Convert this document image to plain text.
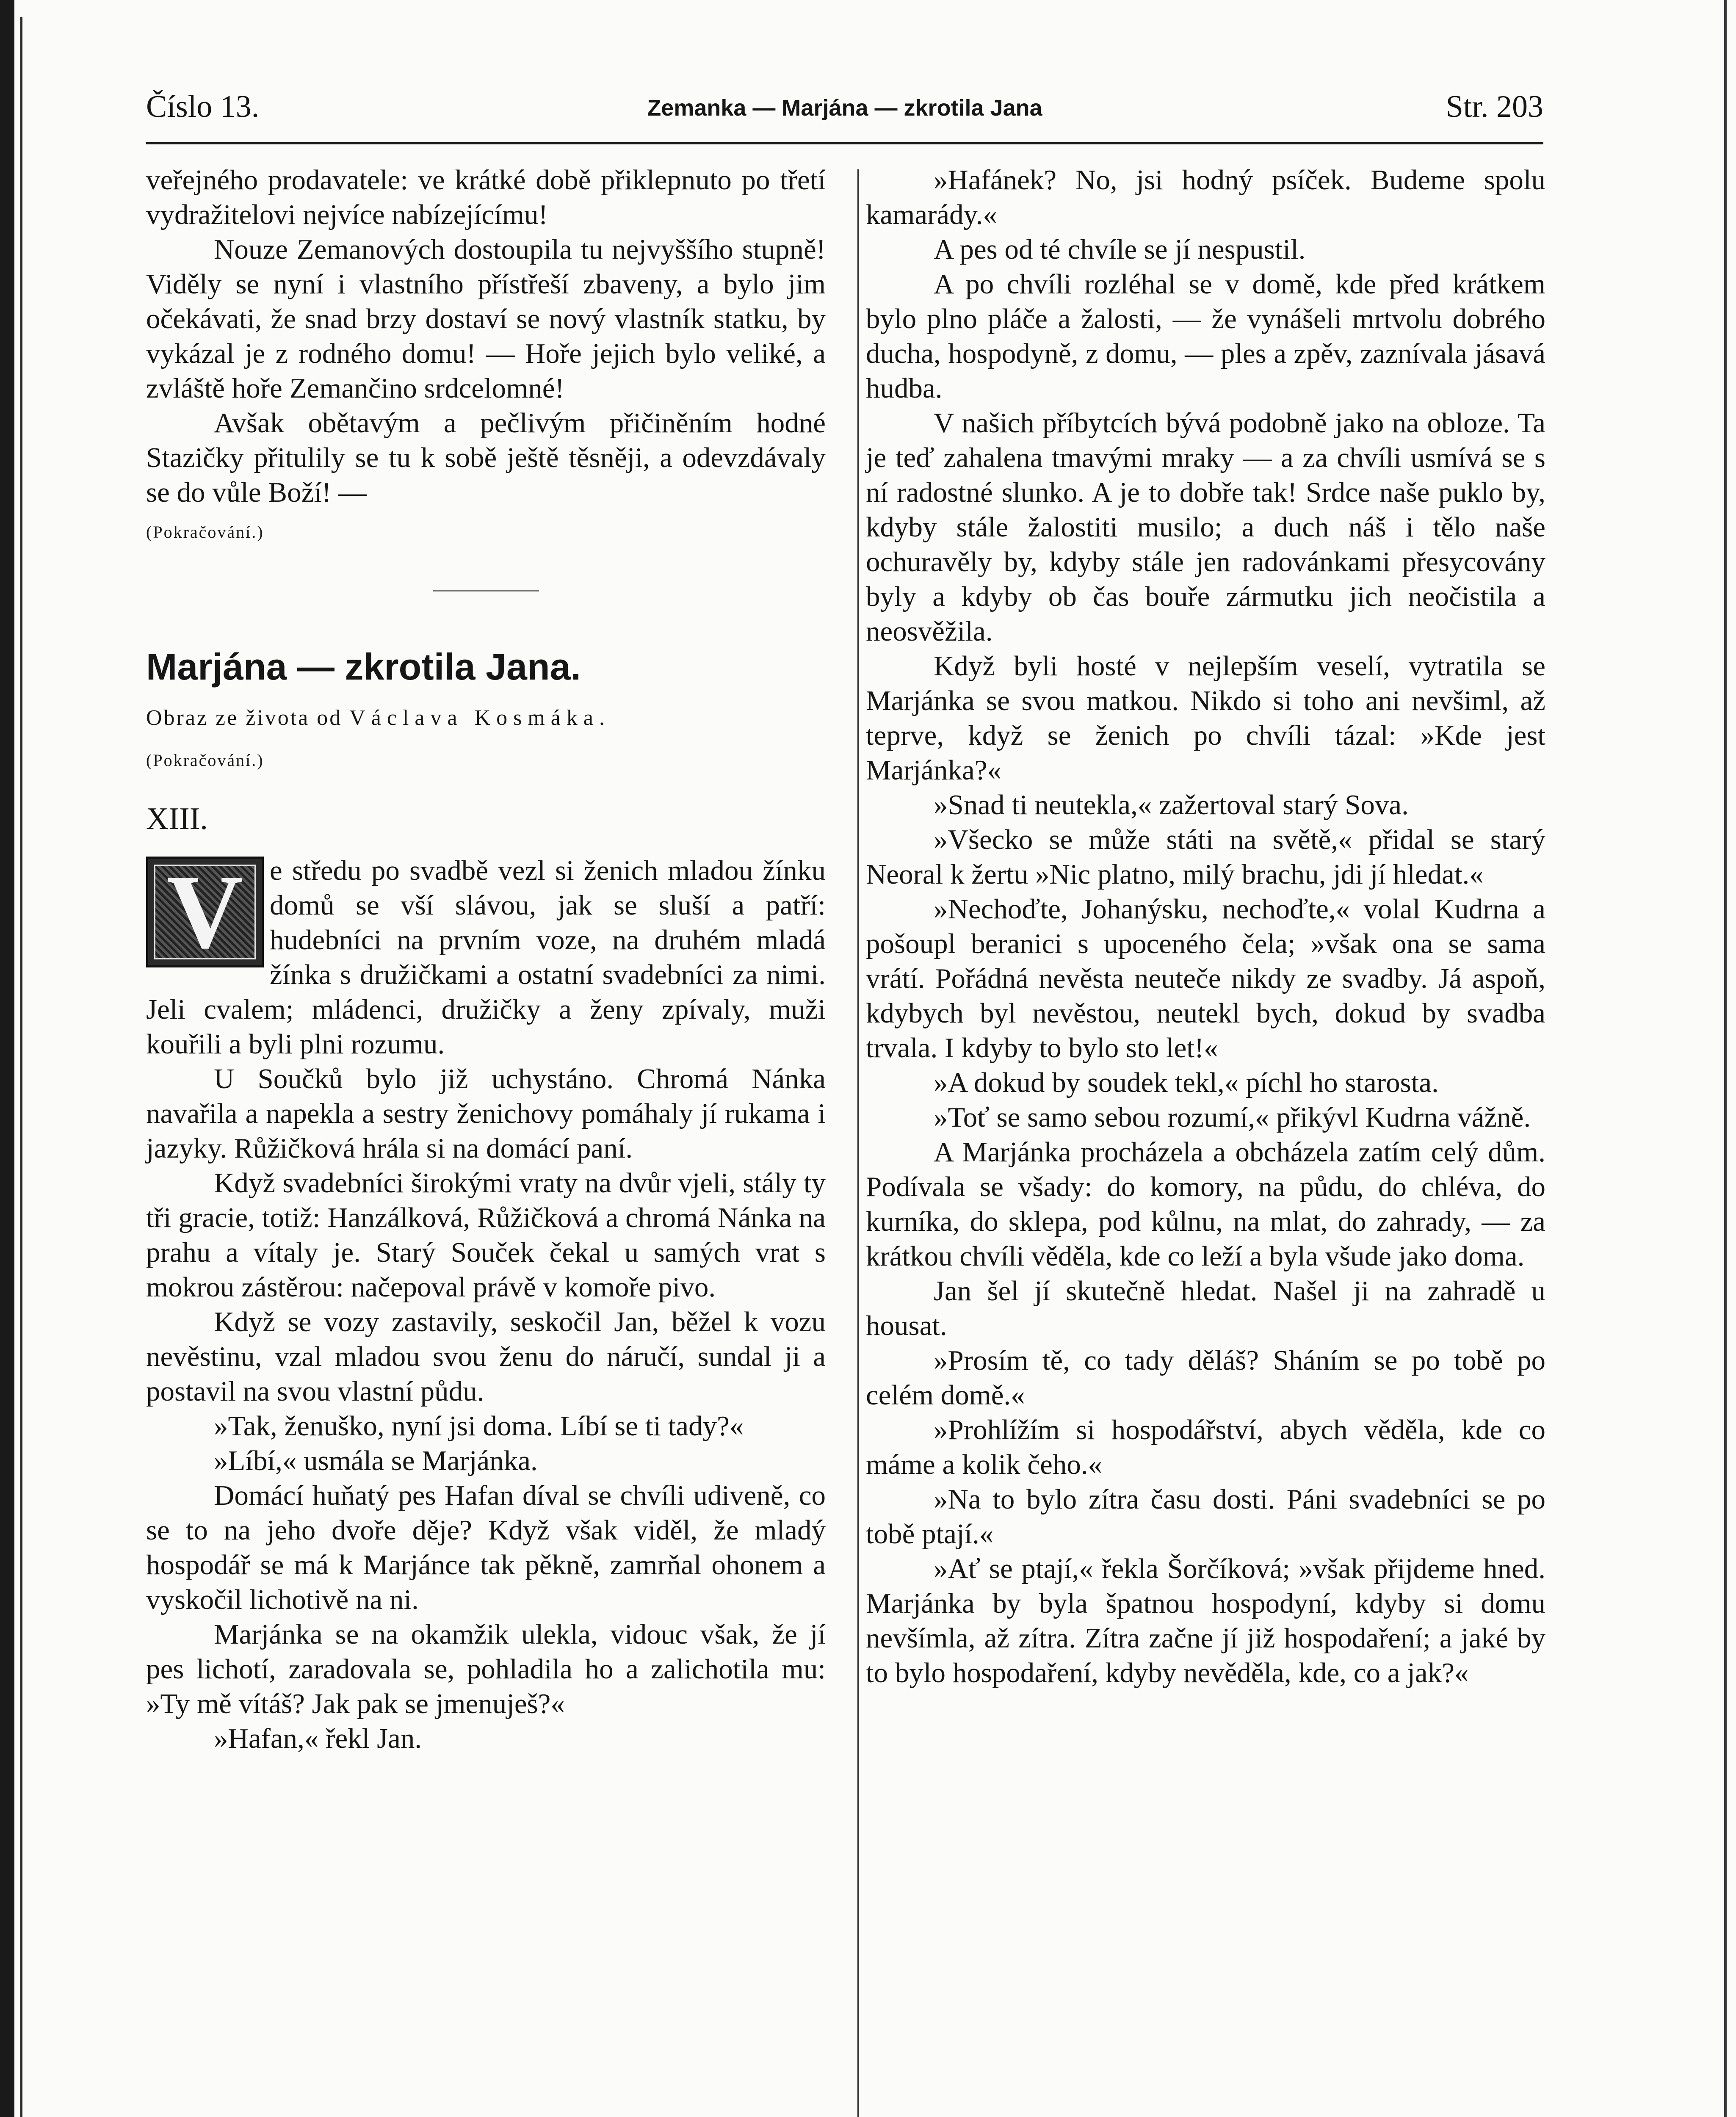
Číslo 13.	Zemanka — Marjána — zkrotila Jana	Str. 203

veřejného prodavatele: ve krátké době přiklepnuto po třetí vydražitelovi nejvíce nabízejícímu!

Nouze Zemanových dostoupila tu nejvyššího stupně! Viděly se nyní i vlastního přístřeší zbaveny, a bylo jim očekávati, že snad brzy dostaví se nový vlastník statku, by vykázal je z rodného domu! — Hoře jejich bylo veliké, a zvláště hoře Zemančino srdcelomné!

Avšak obětavým a pečlivým přičiněním hodné Stazičky přitulily se tu k sobě ještě těsněji, a odevzdávaly se do vůle Boží! —

(Pokračování.)

Marjána — zkrotila Jana.

Obraz ze života od Václava Kosmáka.

(Pokračování.)

XIII.

V e středu po svadbě vezl si ženich mladou žínku domů se vší slávou, jak se sluší a patří: hudebníci na prvním voze, na druhém mladá žínka s družičkami a ostatní svadebníci za nimi. Jeli cvalem; mládenci, družičky a ženy zpívaly, muži kouřili a byli plni rozumu.

U Součků bylo již uchystáno. Chromá Nánka navařila a napekla a sestry ženichovy pomáhaly jí rukama i jazyky. Růžičková hrála si na domácí paní.

Když svadebníci širokými vraty na dvůr vjeli, stály ty tři gracie, totiž: Hanzálková, Růžičková a chromá Nánka na prahu a vítaly je. Starý Souček čekal u samých vrat s mokrou zástěrou: načepoval právě v komoře pivo.

Když se vozy zastavily, seskočil Jan, běžel k vozu nevěstinu, vzal mladou svou ženu do náručí, sundal ji a postavil na svou vlastní půdu.

»Tak, ženuško, nyní jsi doma. Líbí se ti tady?«

»Líbí,« usmála se Marjánka.

Domácí huňatý pes Hafan díval se chvíli udiveně, co se to na jeho dvoře děje? Když však viděl, že mladý hospodář se má k Marjánce tak pěkně, zamrňal ohonem a vyskočil lichotivě na ni.

Marjánka se na okamžik ulekla, vidouc však, že jí pes lichotí, zaradovala se, pohladila ho a zalichotila mu: »Ty mě vítáš? Jak pak se jmenuješ?«

»Hafan,« řekl Jan.

»Hafánek? No, jsi hodný psíček. Budeme spolu kamarády.«

A pes od té chvíle se jí nespustil.

A po chvíli rozléhal se v domě, kde před krátkem bylo plno pláče a žalosti, — že vynášeli mrtvolu dobrého ducha, hospodyně, z domu, — ples a zpěv, zaznívala jásavá hudba.

V našich příbytcích bývá podobně jako na obloze. Ta je teď zahalena tmavými mraky — a za chvíli usmívá se s ní radostné slunko. A je to dobře tak! Srdce naše puklo by, kdyby stále žalostiti musilo; a duch náš i tělo naše ochuravěly by, kdyby stále jen radovánkami přesycovány byly a kdyby ob čas bouře zármutku jich neočistila a neosvěžila.

Když byli hosté v nejlepším veselí, vytratila se Marjánka se svou matkou. Nikdo si toho ani nevšiml, až teprve, když se ženich po chvíli tázal: »Kde jest Marjánka?«

»Snad ti neutekla,« zažertoval starý Sova.

»Všecko se může státi na světě,« přidal se starý Neoral k žertu »Nic platno, milý brachu, jdi jí hledat.«

»Nechoďte, Johanýsku, nechoďte,« volal Kudrna a pošoupl beranici s upoceného čela; »však ona se sama vrátí. Pořádná nevěsta neuteče nikdy ze svadby. Já aspoň, kdybych byl nevěstou, neutekl bych, dokud by svadba trvala. I kdyby to bylo sto let!«

»A dokud by soudek tekl,« píchl ho starosta.

»Toť se samo sebou rozumí,« přikývl Kudrna vážně.

A Marjánka procházela a obcházela zatím celý dům. Podívala se všady: do komory, na půdu, do chléva, do kurníka, do sklepa, pod kůlnu, na mlat, do zahrady, — za krátkou chvíli věděla, kde co leží a byla všude jako doma.

Jan šel jí skutečně hledat. Našel ji na zahradě u housat.

»Prosím tě, co tady děláš? Sháním se po tobě po celém domě.«

»Prohlížím si hospodářství, abych věděla, kde co máme a kolik čeho.«

»Na to bylo zítra času dosti. Páni svadebníci se po tobě ptají.«

»Ať se ptají,« řekla Šorčíková; »však přijdeme hned. Marjánka by byla špatnou hospodyní, kdyby si domu nevšímla, až zítra. Zítra začne jí již hospodaření; a jaké by to bylo hospodaření, kdyby nevěděla, kde, co a jak?«
